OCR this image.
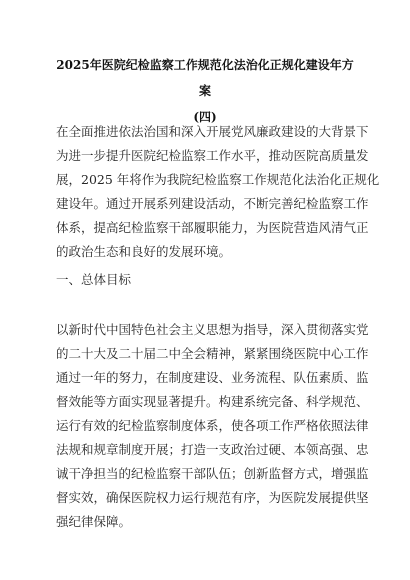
2025年医院纪检监察工作规范化法治化正规化建设年方案
(四)

在全面推进依法治国和深入开展党风廉政建设的大背景下
为进一步提升医院纪检监察工作水平，推动医院高质量发
展，2025 年将作为我院纪检监察工作规范化法治化正规化
建设年。通过开展系列建设活动，不断完善纪检监察工作
体系，提高纪检监察干部履职能力，为医院营造风清气正
的政治生态和良好的发展环境。

一、总体目标

以新时代中国特色社会主义思想为指导，深入贯彻落实党
的二十大及二十届二中全会精神，紧紧围绕医院中心工作
通过一年的努力，在制度建设、业务流程、队伍素质、监
督效能等方面实现显著提升。构建系统完备、科学规范、
运行有效的纪检监察制度体系，使各项工作严格依照法律
法规和规章制度开展；打造一支政治过硬、本领高强、忠
诚干净担当的纪检监察干部队伍；创新监督方式，增强监
督实效，确保医院权力运行规范有序，为医院发展提供坚
强纪律保障。
